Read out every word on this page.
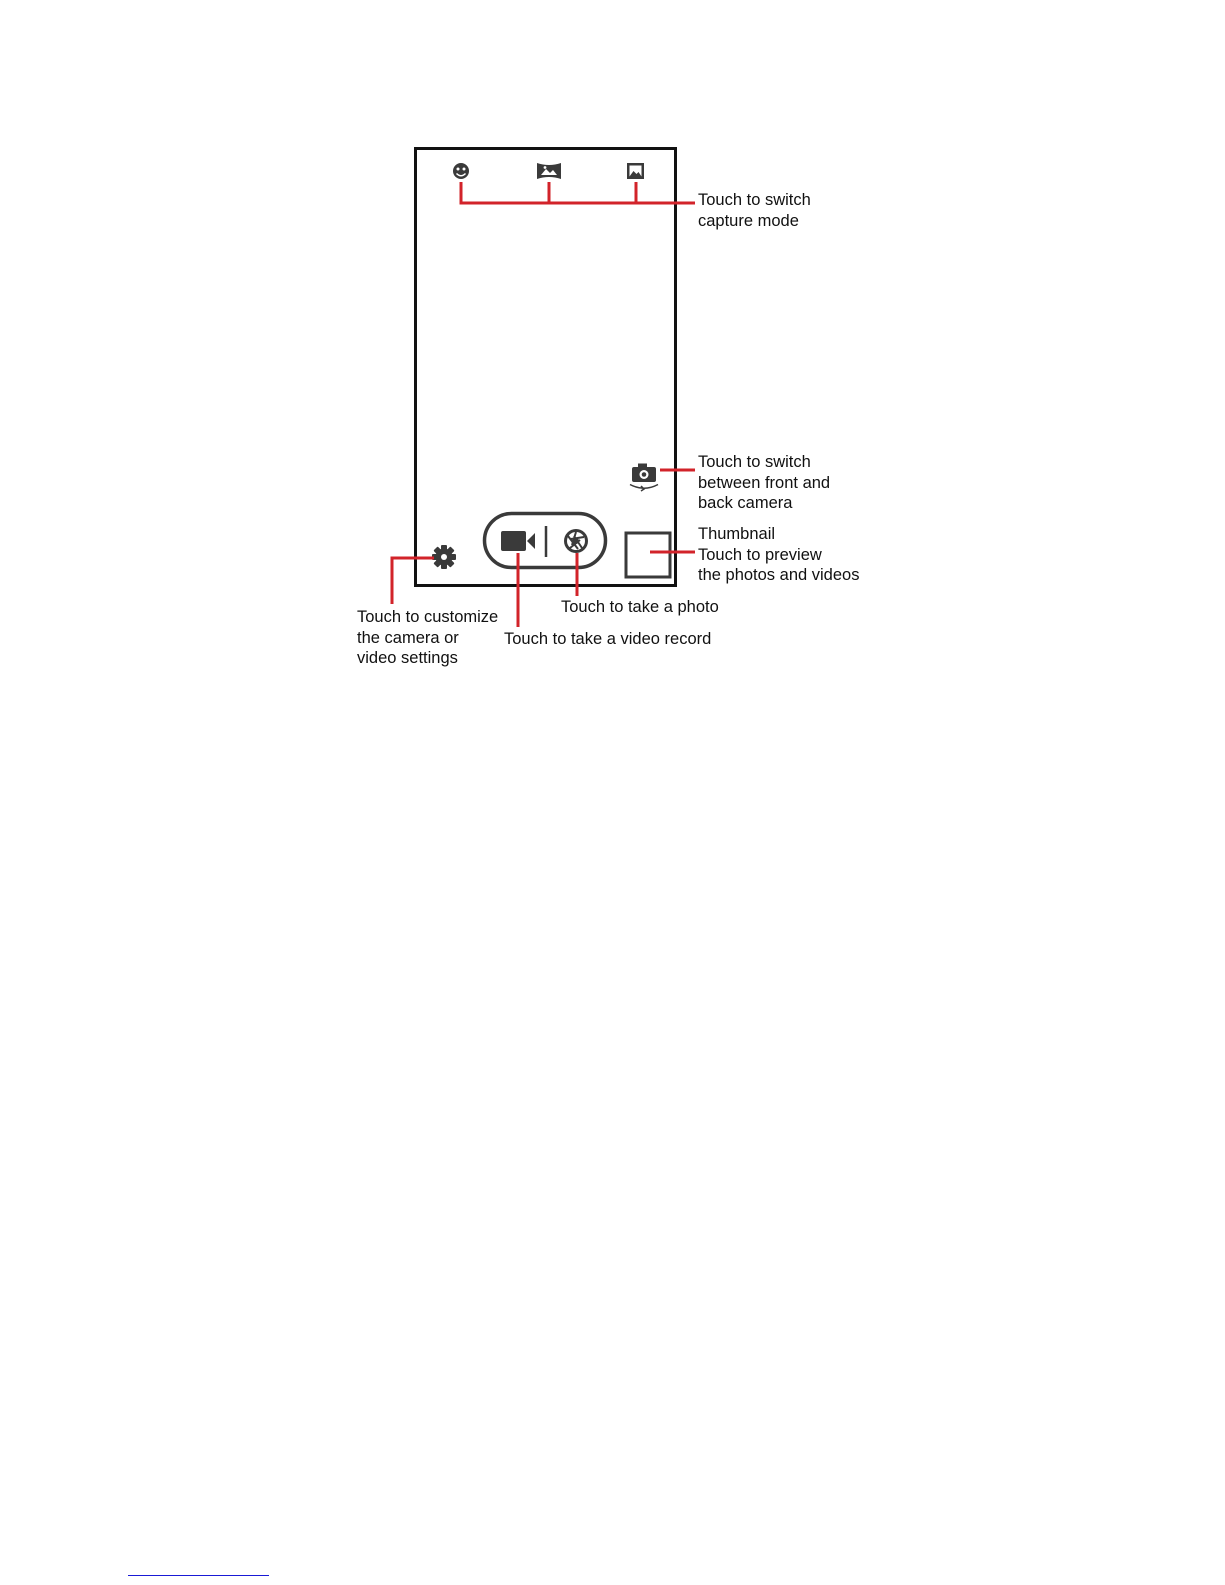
Touch to switch
capture mode

Touch to switch
between front and
back camera

Thumbnail
Touch to preview
the photos and videos

Touch to customize
the camera or
video settings

Touch to take a photo

Touch to take a video record
